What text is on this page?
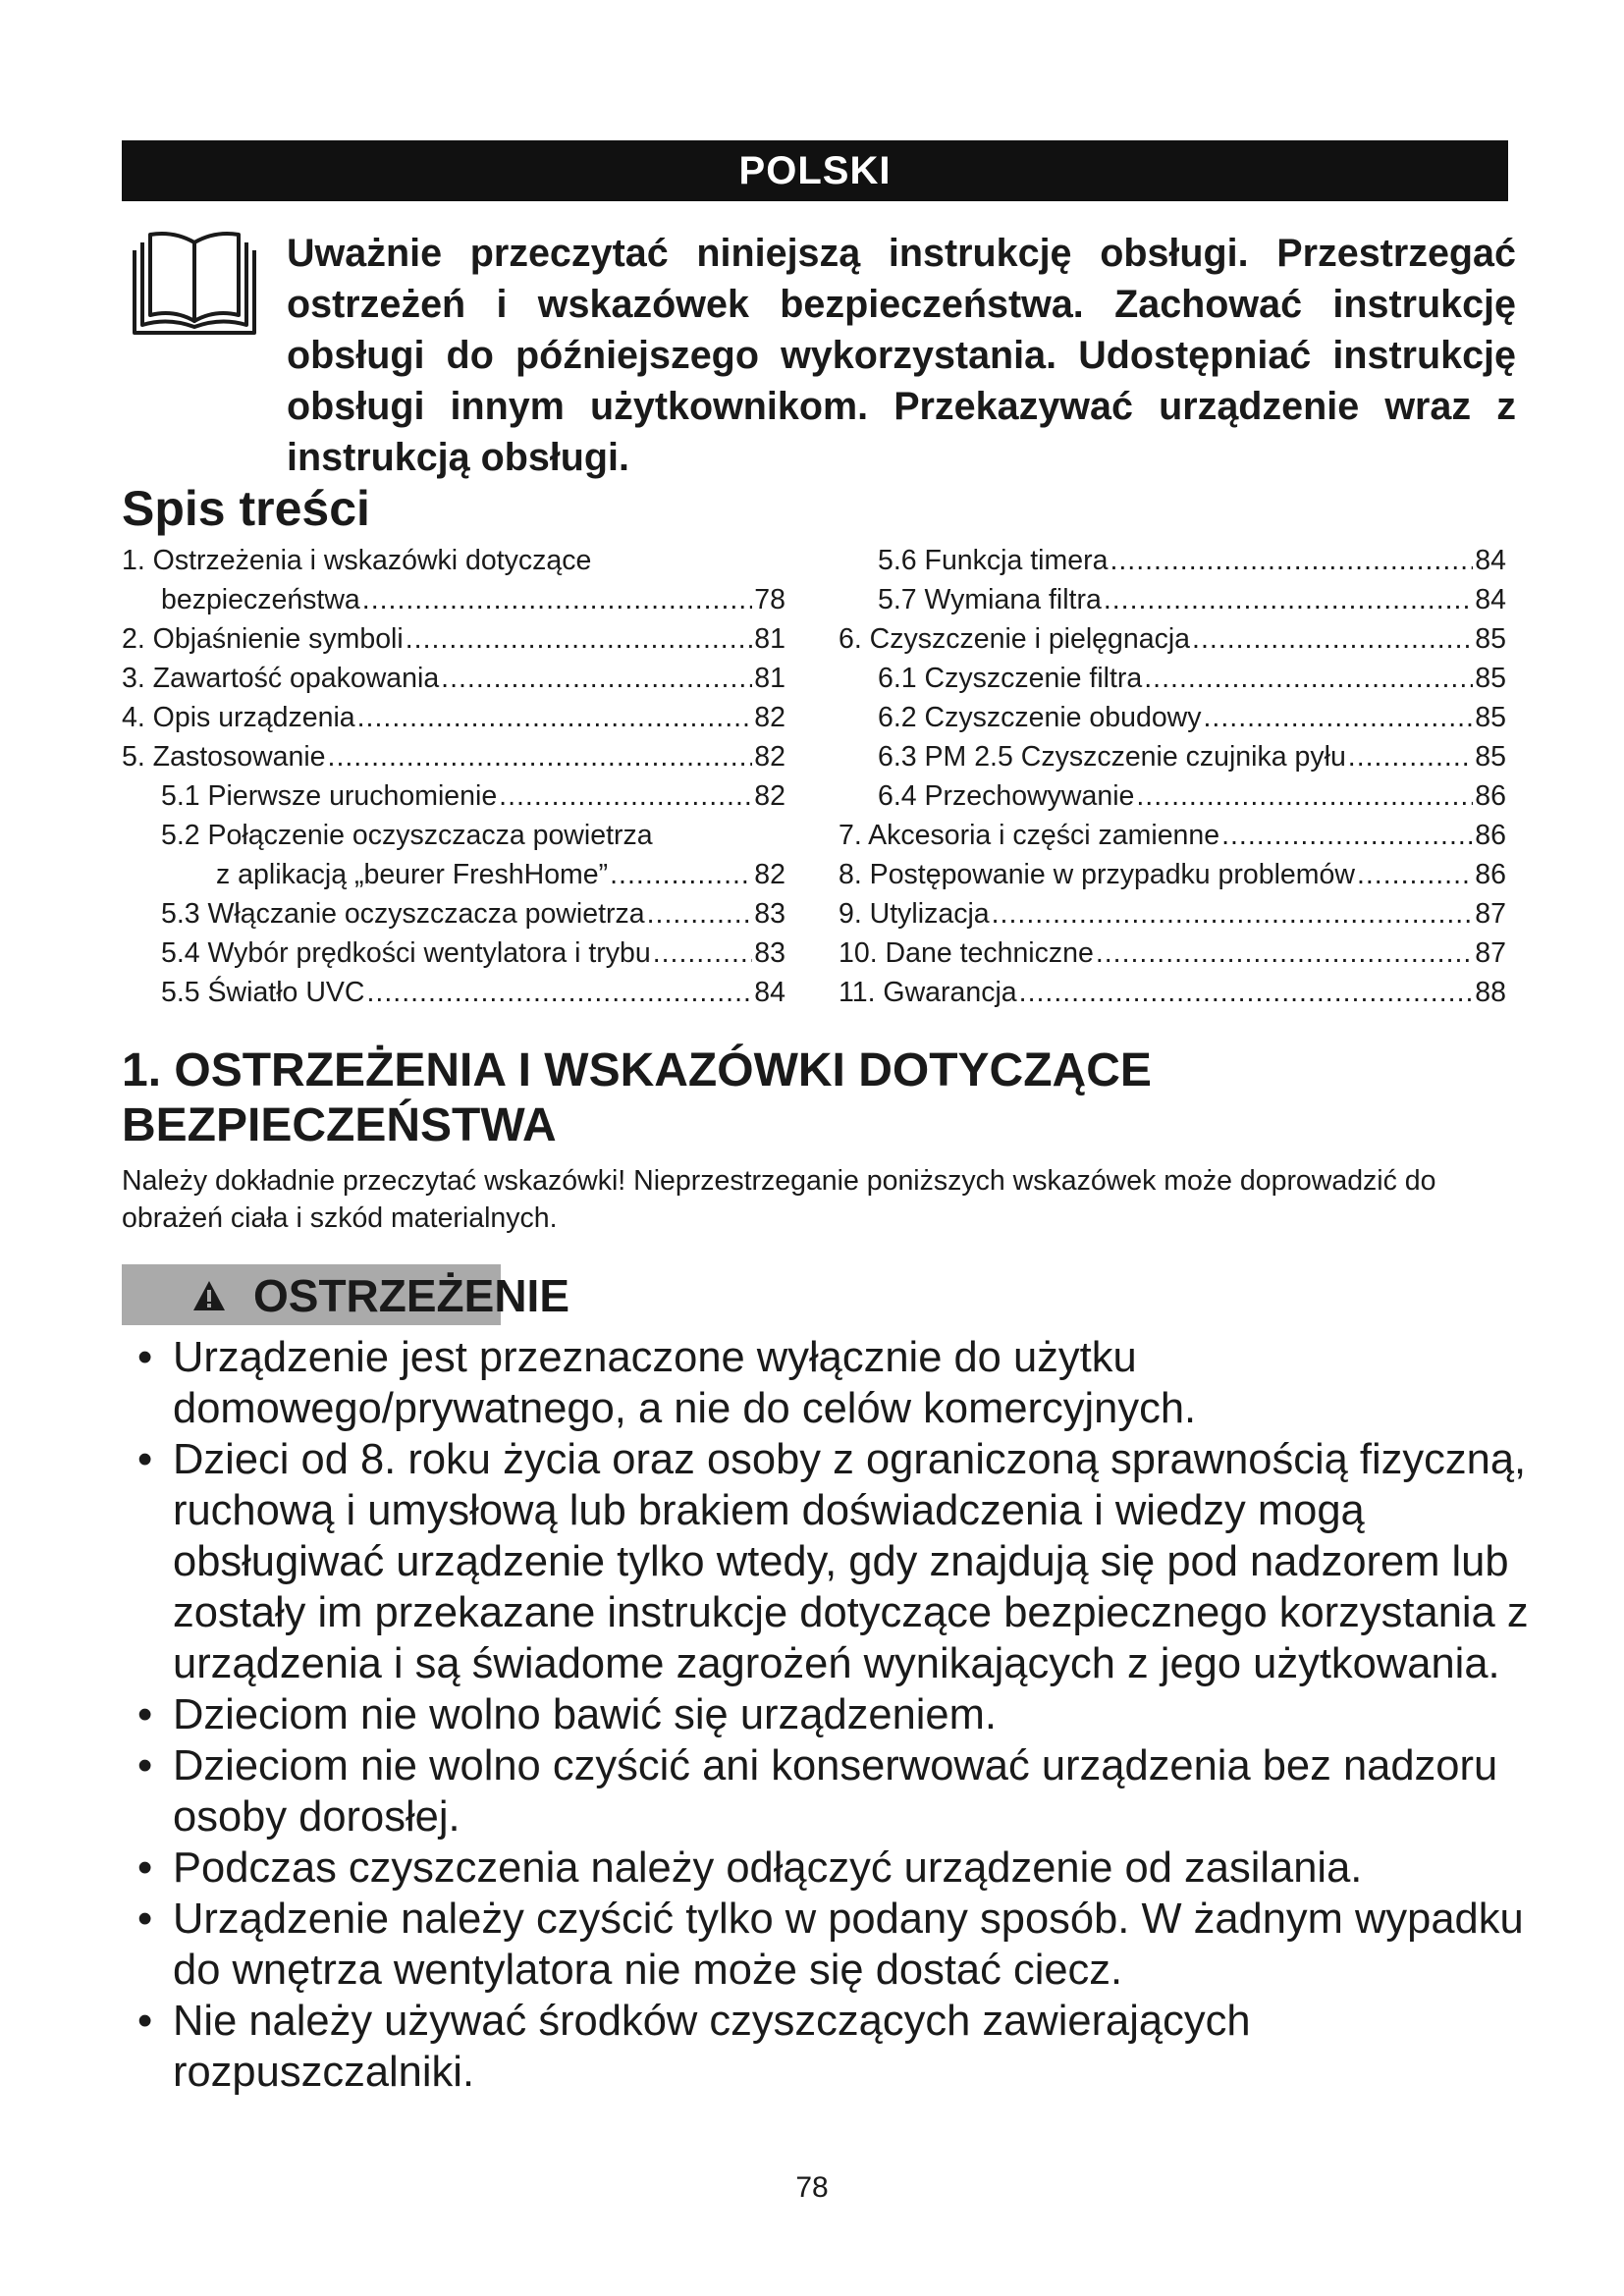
POLSKI

Uważnie przeczytać niniejszą instrukcję obsługi. Przestrzegać ostrzeżeń i wskazówek bezpieczeństwa. Zachować instrukcję obsługi do późniejszego wykorzystania. Udostępniać instrukcję obsługi innym użytkownikom. Przekazywać urządzenie wraz z instrukcją obsługi.

Spis treści
1. Ostrzeżenia i wskazówki dotyczące
bezpieczeństwa .....	78
2. Objaśnienie symboli .....	81
3. Zawartość opakowania .....	81
4. Opis urządzenia .....	82
5. Zastosowanie .....	82
5.1 Pierwsze uruchomienie .....	82
5.2 Połączenie oczyszczacza powietrza
z aplikacją „beurer FreshHome” .....	82
5.3 Włączanie oczyszczacza powietrza .....	83
5.4 Wybór prędkości wentylatora i trybu .....	83
5.5 Światło UVC .....	84
5.6 Funkcja timera .....	84
5.7 Wymiana filtra .....	84
6. Czyszczenie i pielęgnacja .....	85
6.1 Czyszczenie filtra .....	85
6.2 Czyszczenie obudowy .....	85
6.3 PM 2.5 Czyszczenie czujnika pyłu .....	85
6.4 Przechowywanie .....	86
7. Akcesoria i części zamienne .....	86
8. Postępowanie w przypadku problemów .....	86
9. Utylizacja .....	87
10. Dane techniczne .....	87
11. Gwarancja .....	88
1. OSTRZEŻENIA I WSKAZÓWKI DOTYCZĄCE BEZPIECZEŃSTWA

Należy dokładnie przeczytać wskazówki! Nieprzestrzeganie poniższych wskazówek może doprowadzić do obrażeń ciała i szkód materialnych.

OSTRZEŻENIE
• Urządzenie jest przeznaczone wyłącznie do użytku domowego/prywatnego, a nie do celów komercyjnych.
• Dzieci od 8. roku życia oraz osoby z ograniczoną sprawnością fizyczną, ruchową i umysłową lub brakiem doświadczenia i wiedzy mogą obsługiwać urządzenie tylko wtedy, gdy znajdują się pod nadzorem lub zostały im przekazane instrukcje dotyczące bezpiecznego korzystania z urządzenia i są świadome zagrożeń wynikających z jego użytkowania.
• Dzieciom nie wolno bawić się urządzeniem.
• Dzieciom nie wolno czyścić ani konserwować urządzenia bez nadzoru osoby dorosłej.
• Podczas czyszczenia należy odłączyć urządzenie od zasilania.
• Urządzenie należy czyścić tylko w podany sposób. W żadnym wypadku do wnętrza wentylatora nie może się dostać ciecz.
• Nie należy używać środków czyszczących zawierających rozpuszczalniki.
78
